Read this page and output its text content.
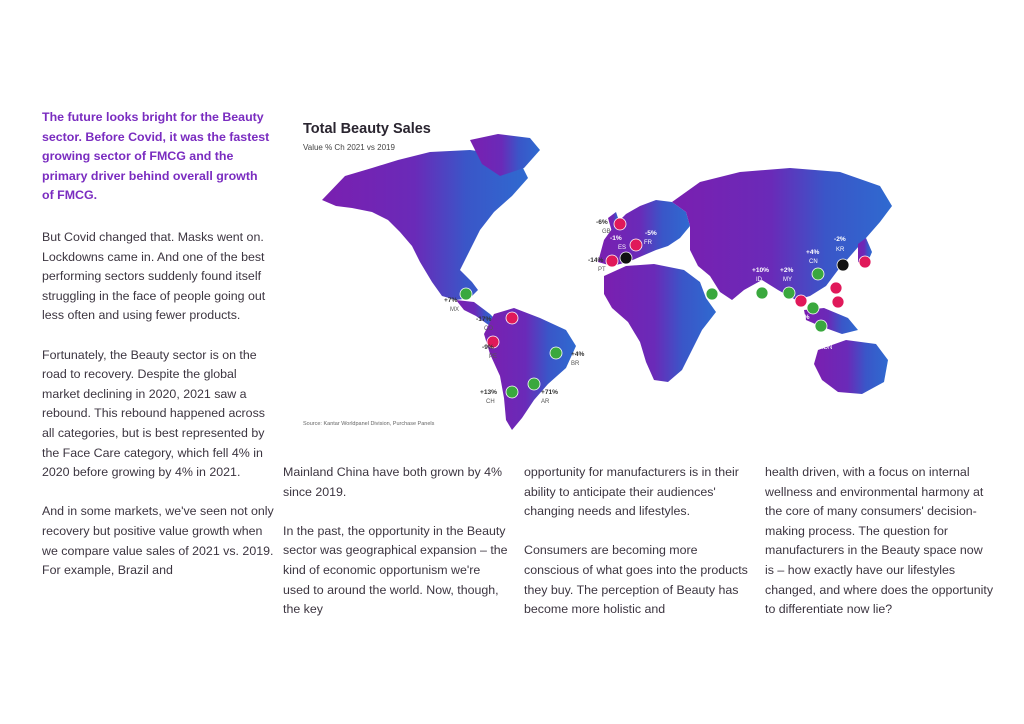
The future looks bright for the Beauty sector. Before Covid, it was the fastest growing sector of FMCG and the primary driver behind overall growth of FMCG.

But Covid changed that. Masks went on. Lockdowns came in. And one of the best performing sectors suddenly found itself struggling in the face of people going out less often and using fewer products.

Fortunately, the Beauty sector is on the road to recovery. Despite the global market declining in 2020, 2021 saw a rebound. This rebound happened across all categories, but is best represented by the Face Care category, which fell 4% in 2020 before growing by 4% in 2021.

And in some markets, we've seen not only recovery but positive value growth when we compare value sales of 2021 vs. 2019. For example, Brazil and

Mainland China have both grown by 4% since 2019.

In the past, the opportunity in the Beauty sector was geographical expansion – the kind of economic opportunism we're used to around the world. Now, though, the key

opportunity for manufacturers is in their ability to anticipate their audiences' changing needs and lifestyles.

Consumers are becoming more conscious of what goes into the products they buy. The perception of Beauty has become more holistic and

health driven, with a focus on internal wellness and environmental harmony at the core of many consumers' decision-making process. The question for manufacturers in the Beauty space now is – how exactly have our lifestyles changed, and where does the opportunity to differentiate now lie?

-6%
GB	-5%
FR
-1%
ES
-14%
PT
-2%
KR
-8%
JP
+4%
CN
+10%
ID
+2%
MY
6%
TW
-3%
TH 3%
VN
-21%
PH
+4%
IDN
+10%
SAUDI
+7%
MX
-17%
CO
-9%
PE	+4%
BR
+13%
CH
+71%
AR
Total Beauty Sales
Value % Ch 2021 vs 2019
Source: Kantar Worldpanel Division, Purchase Panels
